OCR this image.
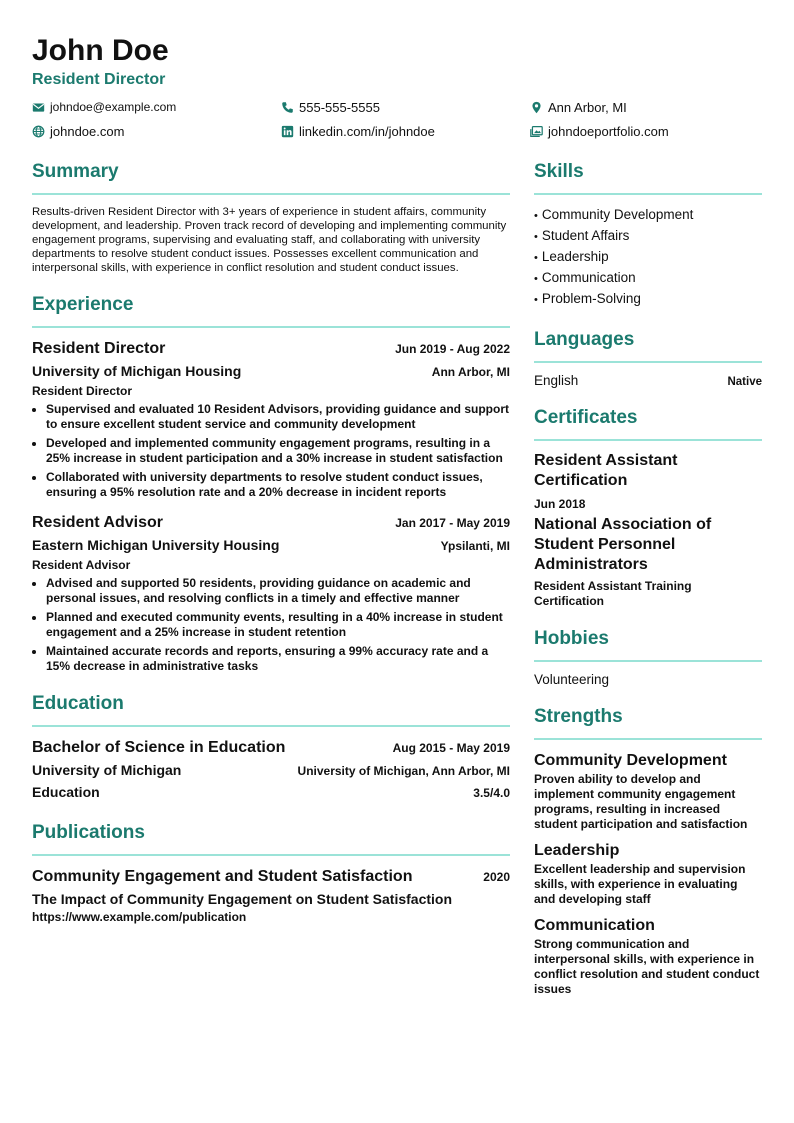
John Doe
Resident Director
johndoe@example.com	555-555-5555	Ann Arbor, MI
johndoe.com	linkedin.com/in/johndoe	johndoeportfolio.com
Summary
Results-driven Resident Director with 3+ years of experience in student affairs, community development, and leadership. Proven track record of developing and implementing community engagement programs, supervising and evaluating staff, and collaborating with university departments to resolve student conduct issues. Possesses excellent communication and interpersonal skills, with experience in conflict resolution and student conduct issues.
Experience
Resident Director	Jun 2019 - Aug 2022
University of Michigan Housing	Ann Arbor, MI
Resident Director
• Supervised and evaluated 10 Resident Advisors, providing guidance and support to ensure excellent student service and community development
• Developed and implemented community engagement programs, resulting in a 25% increase in student participation and a 30% increase in student satisfaction
• Collaborated with university departments to resolve student conduct issues, ensuring a 95% resolution rate and a 20% decrease in incident reports
Resident Advisor	Jan 2017 - May 2019
Eastern Michigan University Housing	Ypsilanti, MI
Resident Advisor
• Advised and supported 50 residents, providing guidance on academic and personal issues, and resolving conflicts in a timely and effective manner
• Planned and executed community events, resulting in a 40% increase in student engagement and a 25% increase in student retention
• Maintained accurate records and reports, ensuring a 99% accuracy rate and a 15% decrease in administrative tasks
Education
Bachelor of Science in Education	Aug 2015 - May 2019
University of Michigan	University of Michigan, Ann Arbor, MI
Education	3.5/4.0
Publications
Community Engagement and Student Satisfaction	2020
The Impact of Community Engagement on Student Satisfaction
https://www.example.com/publication
Skills
• Community Development
• Student Affairs
• Leadership
• Communication
• Problem-Solving
Languages
English	Native
Certificates
Resident Assistant Certification
Jun 2018
National Association of Student Personnel Administrators
Resident Assistant Training Certification
Hobbies
Volunteering
Strengths
Community Development
Proven ability to develop and implement community engagement programs, resulting in increased student participation and satisfaction
Leadership
Excellent leadership and supervision skills, with experience in evaluating and developing staff
Communication
Strong communication and interpersonal skills, with experience in conflict resolution and student conduct issues
